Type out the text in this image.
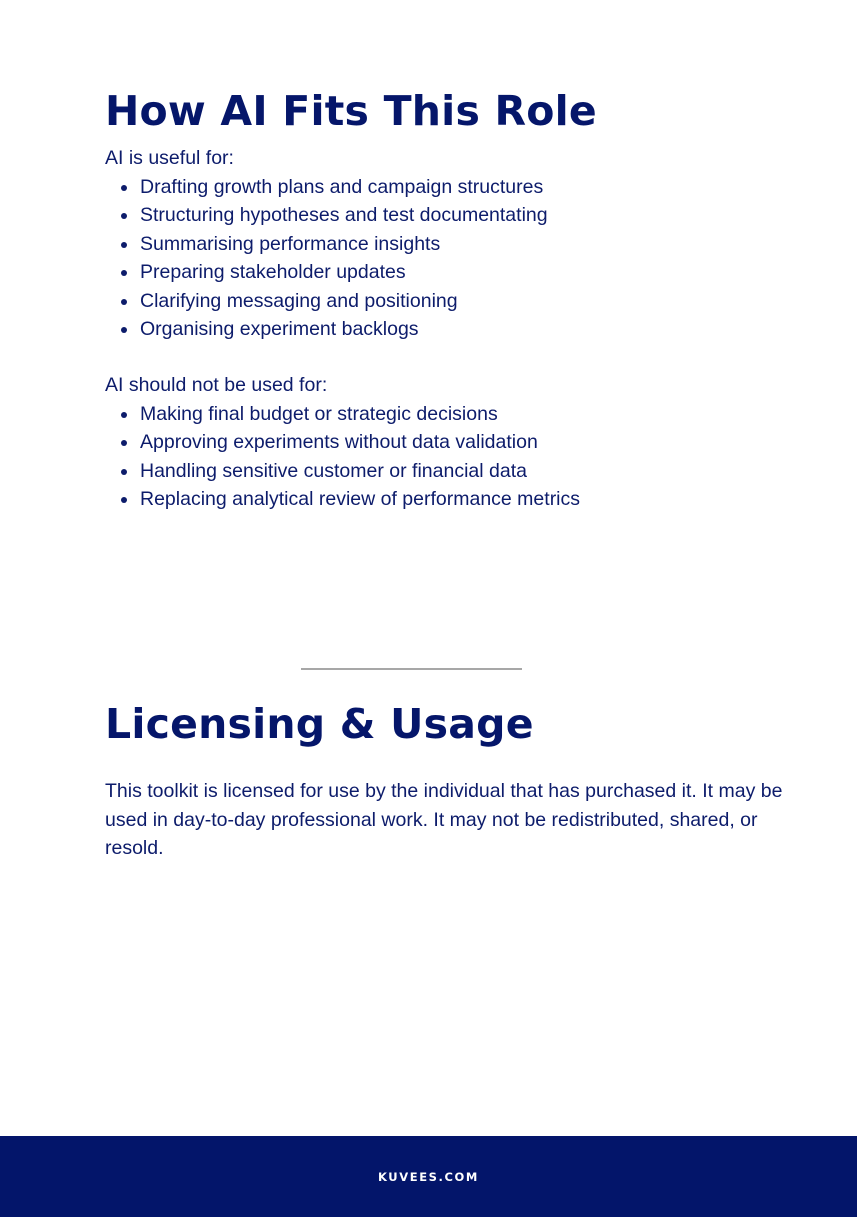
How AI Fits This Role

AI is useful for:

Drafting growth plans and campaign structures
Structuring hypotheses and test documentating
Summarising performance insights
Preparing stakeholder updates
Clarifying messaging and positioning
Organising experiment backlogs

AI should not be used for:

Making final budget or strategic decisions
Approving experiments without data validation
Handling sensitive customer or financial data
Replacing analytical review of performance metrics
Licensing & Usage

This toolkit is licensed for use by the individual that has purchased it. It may be used in day-to-day professional work. It may not be redistributed, shared, or resold.

KUVEES.COM
